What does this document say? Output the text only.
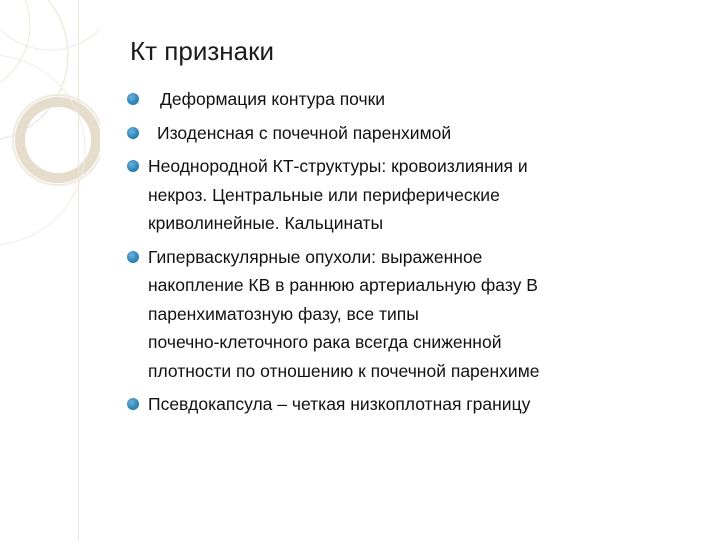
Кт признаки
Деформация контура почки
Изоденсная с почечной паренхимой
Неоднородной КТ-структуры: кровоизлияния и
некроз. Центральные или периферические
криволинейные. Кальцинаты
Гиперваскулярные опухоли: выраженное
накопление КВ в раннюю артериальную фазу В
паренхиматозную фазу, все типы
почечно-клеточного рака всегда сниженной
плотности по отношению к почечной паренхиме
Псевдокапсула – четкая низкоплотная границу
